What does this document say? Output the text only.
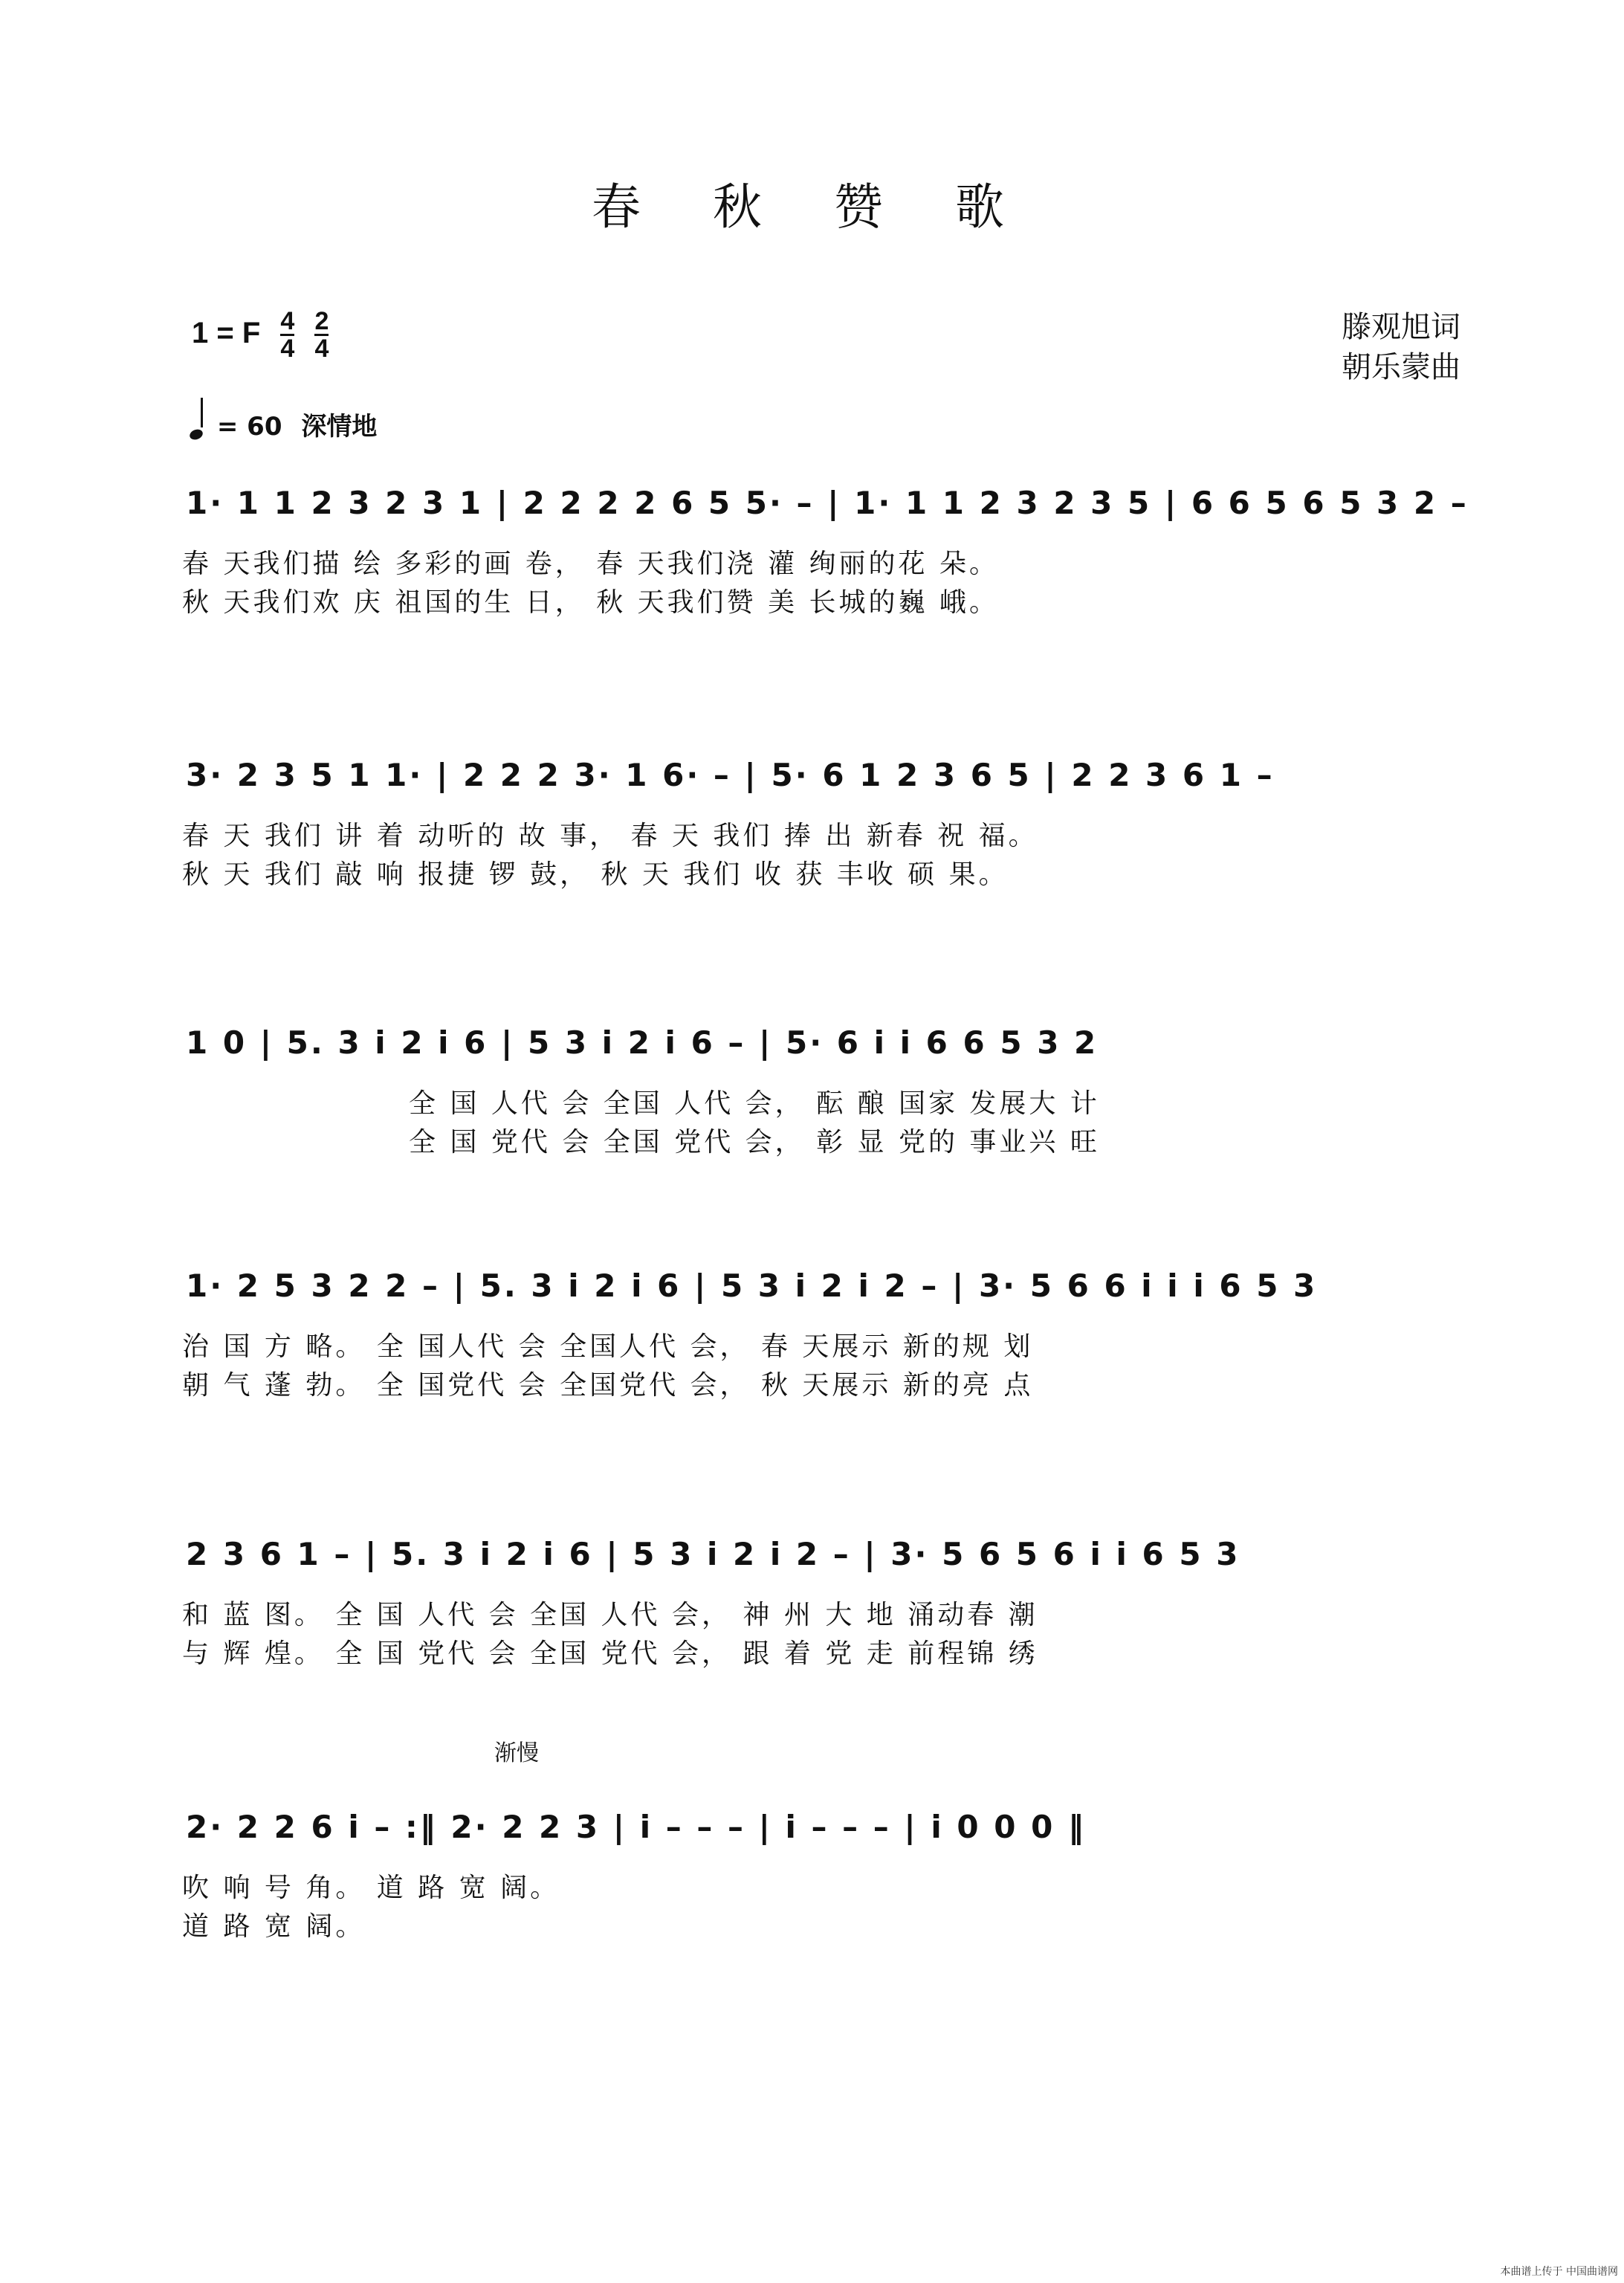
春 秋 赞 歌
1 = F $\frac{4}{4}$
$\frac{2}{4}$	滕观旭词
朝乐蒙曲
= 60 深情地
1· 1 1 2 3 2 3 1 | 2 2 2 2 6 5 5· – | 1· 1 1 2 3 2 3 5 | 6 6 5 6 5 3 2 –
春 天我们描 绘 多彩的画 卷， 春 天我们浇 灌 绚丽的花 朵。
秋 天我们欢 庆 祖国的生 日， 秋 天我们赞 美 长城的巍 峨。
3· 2 3 5 1 1· | 2 2 2 3· 1 6· – | 5· 6 1 2 3 6 5 | 2 2 3 6 1 –
春 天 我们 讲 着 动听的 故 事， 春 天 我们 捧 出 新春 祝 福。
秋 天 我们 敲 响 报捷 锣 鼓， 秋 天 我们 收 获 丰收 硕 果。
1 0 | 5. 3 i 2 i 6 | 5 3 i 2 i 6 – | 5· 6 i i 6 6 5 3 2
全 国 人代 会 全国 人代 会， 酝 酿 国家 发展大 计
全 国 党代 会 全国 党代 会， 彰 显 党的 事业兴 旺
1· 2 5 3 2 2 – | 5. 3 i 2 i 6 | 5 3 i 2 i 2 – | 3· 5 6 6 i i i 6 5 3
治 国 方 略。 全 国人代 会 全国人代 会， 春 天展示 新的规 划
朝 气 蓬 勃。 全 国党代 会 全国党代 会， 秋 天展示 新的亮 点
2 3 6 1 – | 5. 3 i 2 i 6 | 5 3 i 2 i 2 – | 3· 5 6 5 6 i i 6 5 3
和 蓝 图。 全 国 人代 会 全国 人代 会， 神 州 大 地 涌动春 潮
与 辉 煌。 全 国 党代 会 全国 党代 会， 跟 着 党 走 前程锦 绣
渐慢
2· 2 2 6 i – :‖ 2· 2 2 3 | i – – – | i – – – | i 0 0 0 ‖
吹 响 号 角。 道 路 宽 阔。
道 路 宽 阔。
本曲谱上传于 中国曲谱网
